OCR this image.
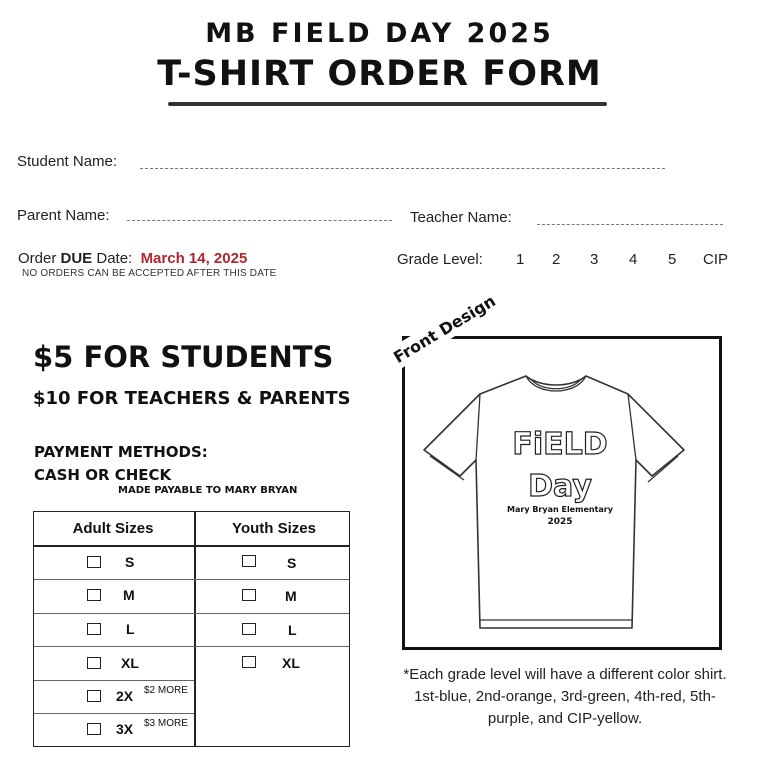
MB FIELD DAY 2025
T-SHIRT ORDER FORM
Student Name:
Parent Name:	Teacher Name:
Order DUE Date: March 14, 2025
NO ORDERS CAN BE ACCEPTED AFTER THIS DATE
Grade Level: 1 2 3 4 5 CIP
$5 FOR STUDENTS
$10 FOR TEACHERS & PARENTS
PAYMENT METHODS:
CASH OR CHECK
MADE PAYABLE TO MARY BRYAN
Adult Sizes	Youth Sizes
S
M
L
XL
2X $2 MORE
3X $3 MORE
S
M
L
XL
FiELD
Day
Mary Bryan Elementary
2025
Front Design
*Each grade level will have a different color shirt. 1st-blue, 2nd-orange, 3rd-green, 4th-red, 5th-purple, and CIP-yellow.
